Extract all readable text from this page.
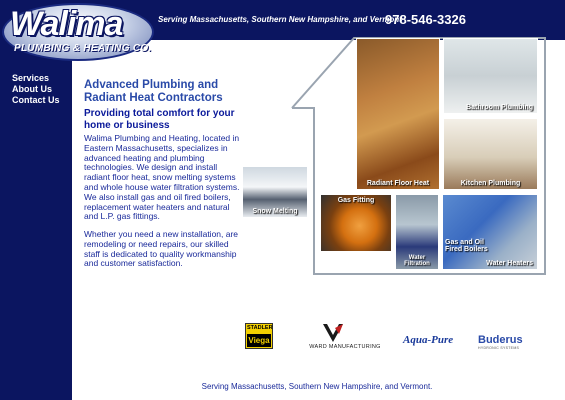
Walima
PLUMBING & HEATING CO.
Serving Massachusetts, Southern New Hampshire, and Vermont
978-546-3326
Services
About Us
Contact Us
Advanced Plumbing and Radiant Heat Contractors
Providing total comfort for your home or business
Walima Plumbing and Heating, located in Eastern Massachusetts, specializes in advanced heating and plumbing technologies. We design and install radiant floor heat, snow melting systems and whole house water filtration systems. We also install gas and oil fired boilers, replacement water heaters and natural and L.P. gas fittings.
Whether you need a new installation, are remodeling or need repairs, our skilled staff is dedicated to quality workmanship and customer satisfaction.
Radiant Floor Heat
Bathroom Plumbing
Kitchen Plumbing
Snow Melting
Gas Fitting
Water Filtration
Gas and Oil Fired Boilers
Water Heaters
STADLER
Viega
WARD MANUFACTURING
Aqua-Pure Buderus
HYDRONIC SYSTEMS
Serving Massachusetts, Southern New Hampshire, and Vermont.
